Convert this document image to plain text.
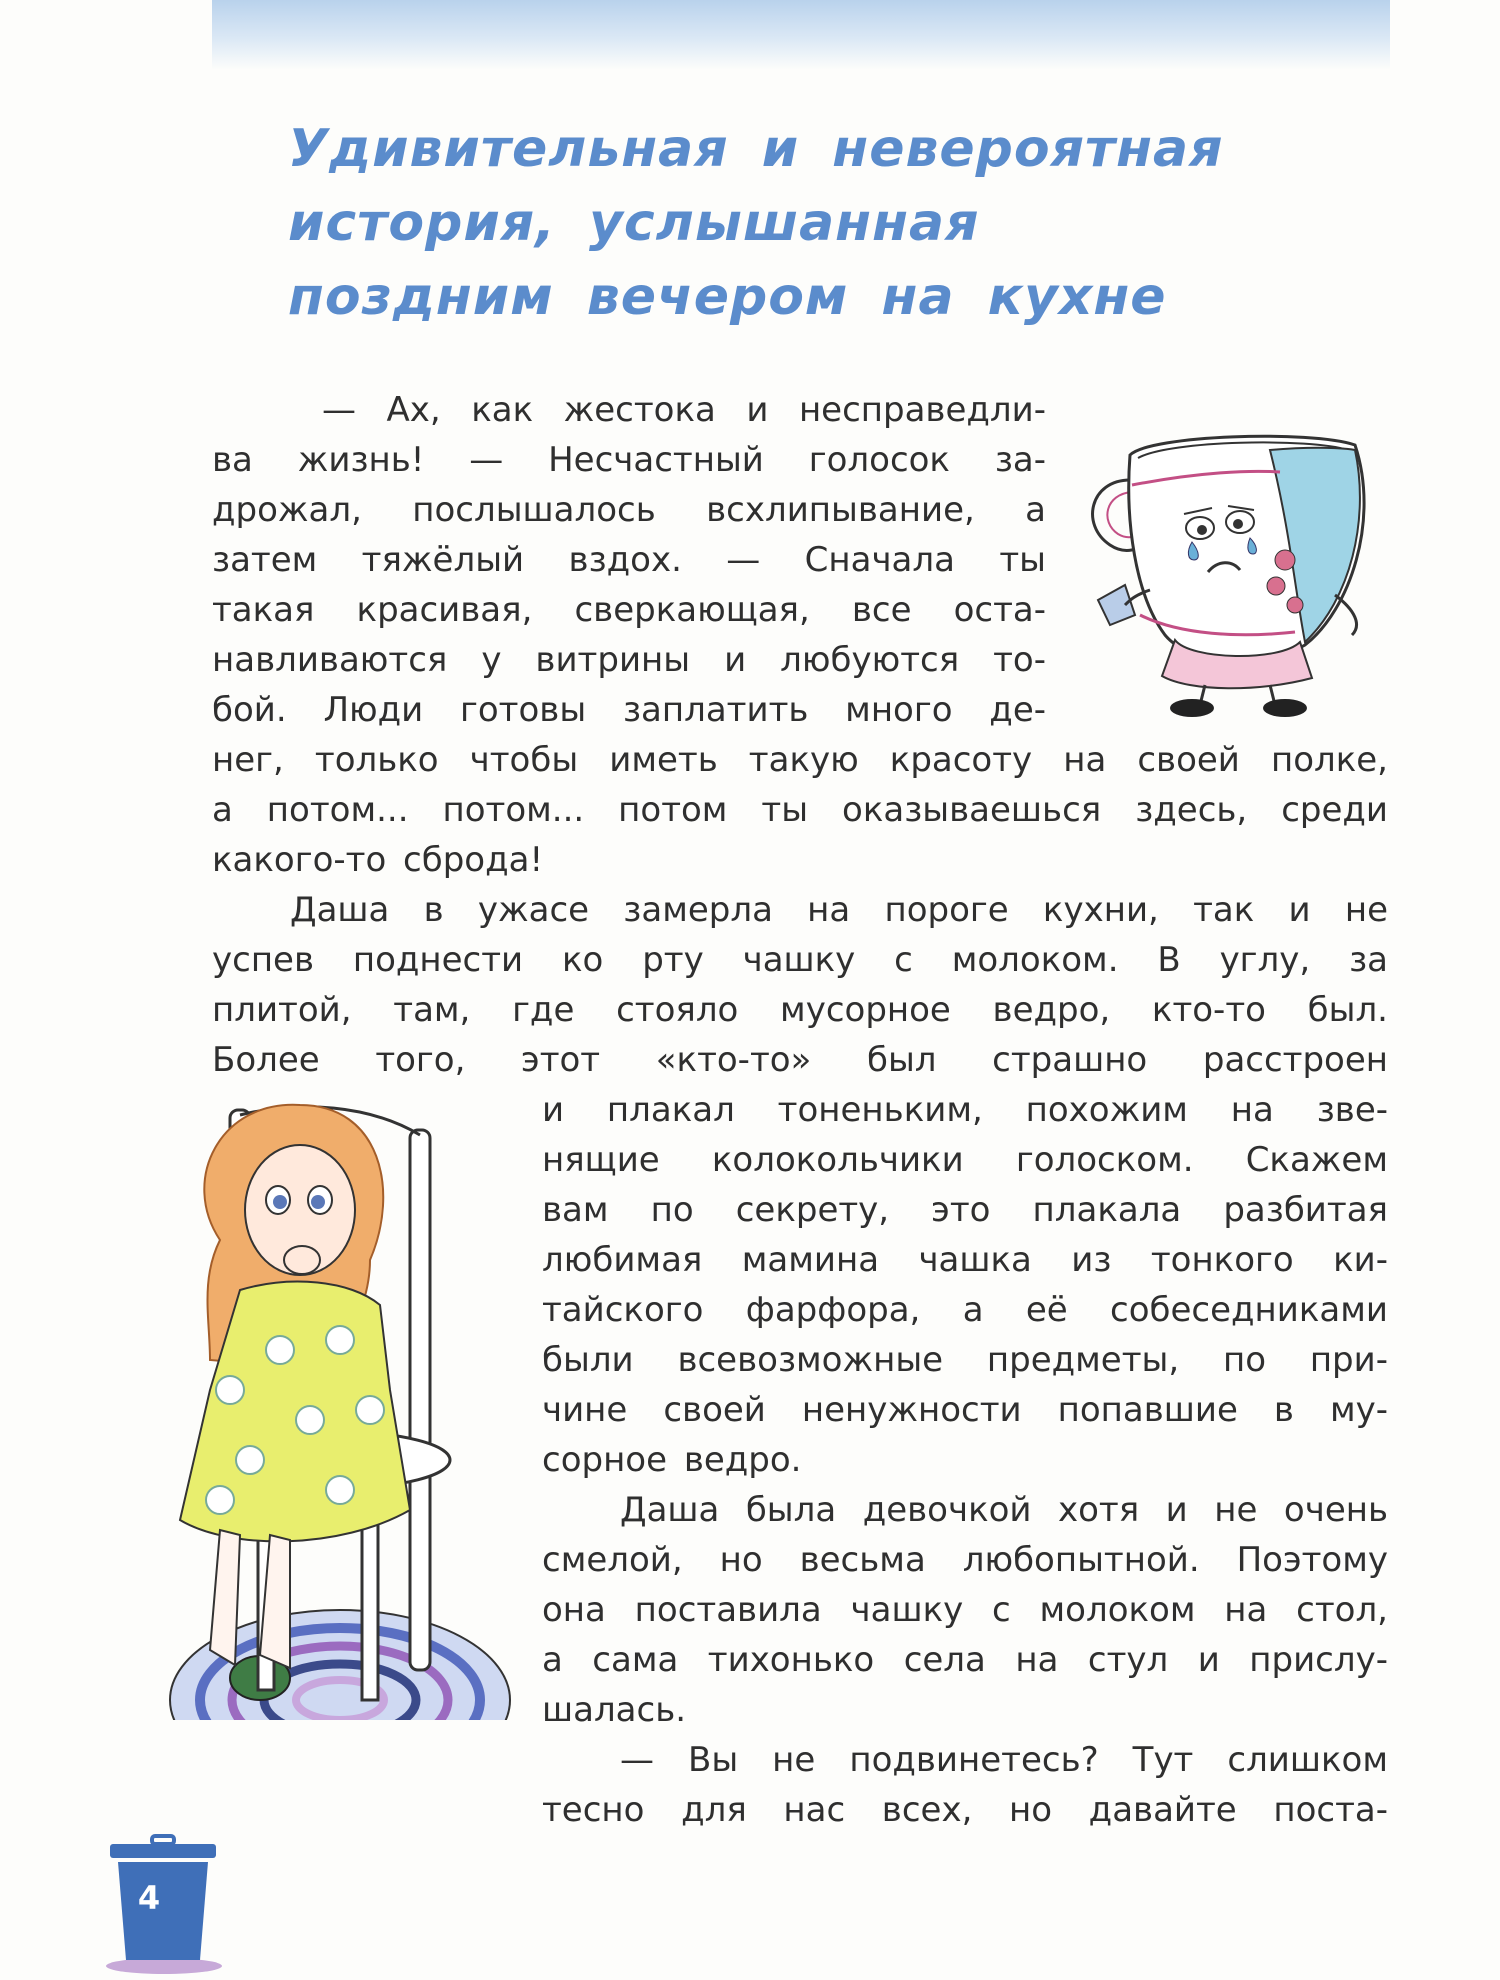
Удивительная и невероятная
история, услышанная
поздним вечером на кухне
— Ах, как жестока и несправедли-
ва жизнь! — Несчастный голосок за-
дрожал, послышалось всхлипывание, а
затем тяжёлый вздох. — Сначала ты
такая красивая, сверкающая, все оста-
навливаются у витрины и любуются то-
бой. Люди готовы заплатить много де-
нег, только чтобы иметь такую красоту на своей полке,
а потом... потом... потом ты оказываешься здесь, среди
какого-то сброда!
Даша в ужасе замерла на пороге кухни, так и не
успев поднести ко рту чашку с молоком. В углу, за
плитой, там, где стояло мусорное ведро, кто-то был.
Более того, этот «кто-то» был страшно расстроен
и плакал тоненьким, похожим на зве-
нящие колокольчики голоском. Скажем
вам по секрету, это плакала разбитая
любимая мамина чашка из тонкого ки-
тайского фарфора, а её собеседниками
были всевозможные предметы, по при-
чине своей ненужности попавшие в му-
сорное ведро.
Даша была девочкой хотя и не очень
смелой, но весьма любопытной. Поэтому
она поставила чашку с молоком на стол,
а сама тихонько села на стул и прислу-
шалась.
— Вы не подвинетесь? Тут слишком
тесно для нас всех, но давайте поста-
4
